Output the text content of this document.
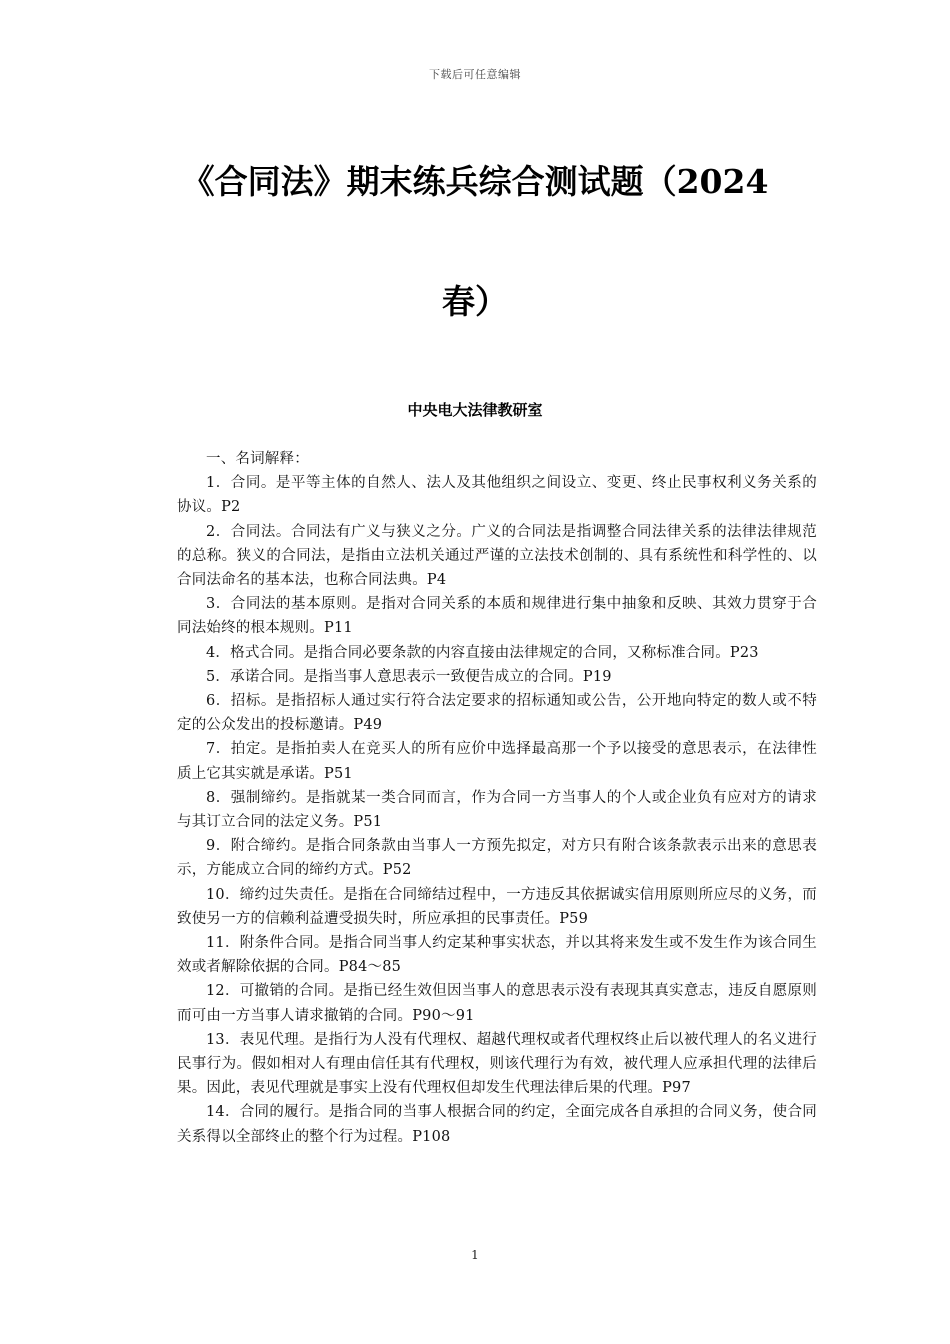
下载后可任意编辑
《合同法》期末练兵综合测试题（2024
春）
中央电大法律教研室

一、名词解释：

1．合同。是平等主体的自然人、法人及其他组织之间设立、变更、终止民事权利义务关系的协议。P2

2．合同法。合同法有广义与狭义之分。广义的合同法是指调整合同法律关系的法律法律规范的总称。狭义的合同法，是指由立法机关通过严谨的立法技术创制的、具有系统性和科学性的、以合同法命名的基本法，也称合同法典。P4

3．合同法的基本原则。是指对合同关系的本质和规律进行集中抽象和反映、其效力贯穿于合同法始终的根本规则。P11

4．格式合同。是指合同必要条款的内容直接由法律规定的合同，又称标准合同。P23

5．承诺合同。是指当事人意思表示一致便告成立的合同。P19

6．招标。是指招标人通过实行符合法定要求的招标通知或公告，公开地向特定的数人或不特定的公众发出的投标邀请。P49

7．拍定。是指拍卖人在竞买人的所有应价中选择最高那一个予以接受的意思表示，在法律性质上它其实就是承诺。P51

8．强制缔约。是指就某一类合同而言，作为合同一方当事人的个人或企业负有应对方的请求与其订立合同的法定义务。P51

9．附合缔约。是指合同条款由当事人一方预先拟定，对方只有附合该条款表示出来的意思表示，方能成立合同的缔约方式。P52

10．缔约过失责任。是指在合同缔结过程中，一方违反其依据诚实信用原则所应尽的义务，而致使另一方的信赖利益遭受损失时，所应承担的民事责任。P59

11．附条件合同。是指合同当事人约定某种事实状态，并以其将来发生或不发生作为该合同生效或者解除依据的合同。P84～85

12．可撤销的合同。是指已经生效但因当事人的意思表示没有表现其真实意志，违反自愿原则而可由一方当事人请求撤销的合同。P90～91

13．表见代理。是指行为人没有代理权、超越代理权或者代理权终止后以被代理人的名义进行民事行为。假如相对人有理由信任其有代理权，则该代理行为有效，被代理人应承担代理的法律后果。因此，表见代理就是事实上没有代理权但却发生代理法律后果的代理。P97

14．合同的履行。是指合同的当事人根据合同的约定，全面完成各自承担的合同义务，使合同关系得以全部终止的整个行为过程。P108

1
